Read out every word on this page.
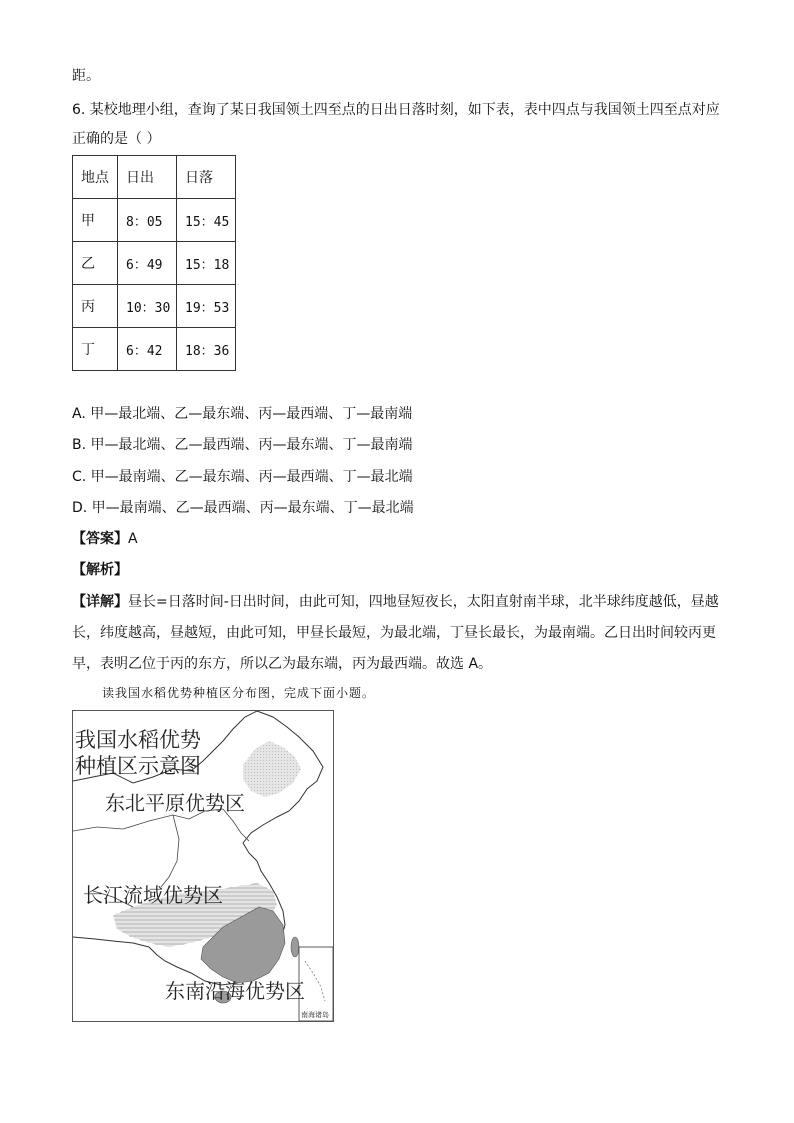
距。
6. 某校地理小组，查询了某日我国领土四至点的日出日落时刻，如下表，表中四点与我国领土四至点对应
正确的是（ ）
地点	日出	日落
甲	8：05	15：45
乙	6：49	15：18
丙	10：30	19：53
丁	6：42	18：36
A. 甲—最北端、乙—最东端、丙—最西端、丁—最南端
B. 甲—最北端、乙—最西端、丙—最东端、丁—最南端
C. 甲—最南端、乙—最东端、丙—最西端、丁—最北端
D. 甲—最南端、乙—最西端、丙—最东端、丁—最北端
【答案】A
【解析】
【详解】昼长=日落时间-日出时间，由此可知，四地昼短夜长，太阳直射南半球，北半球纬度越低，昼越
长，纬度越高，昼越短，由此可知，甲昼长最短，为最北端，丁昼长最长，为最南端。乙日出时间较丙更
早，表明乙位于丙的东方，所以乙为最东端，丙为最西端。故选 A。
读我国水稻优势种植区分布图，完成下面小题。
我国水稻优势
种植区示意图
东北平原优势区
长江流域优势区
东南沿海优势区
南海诸岛
